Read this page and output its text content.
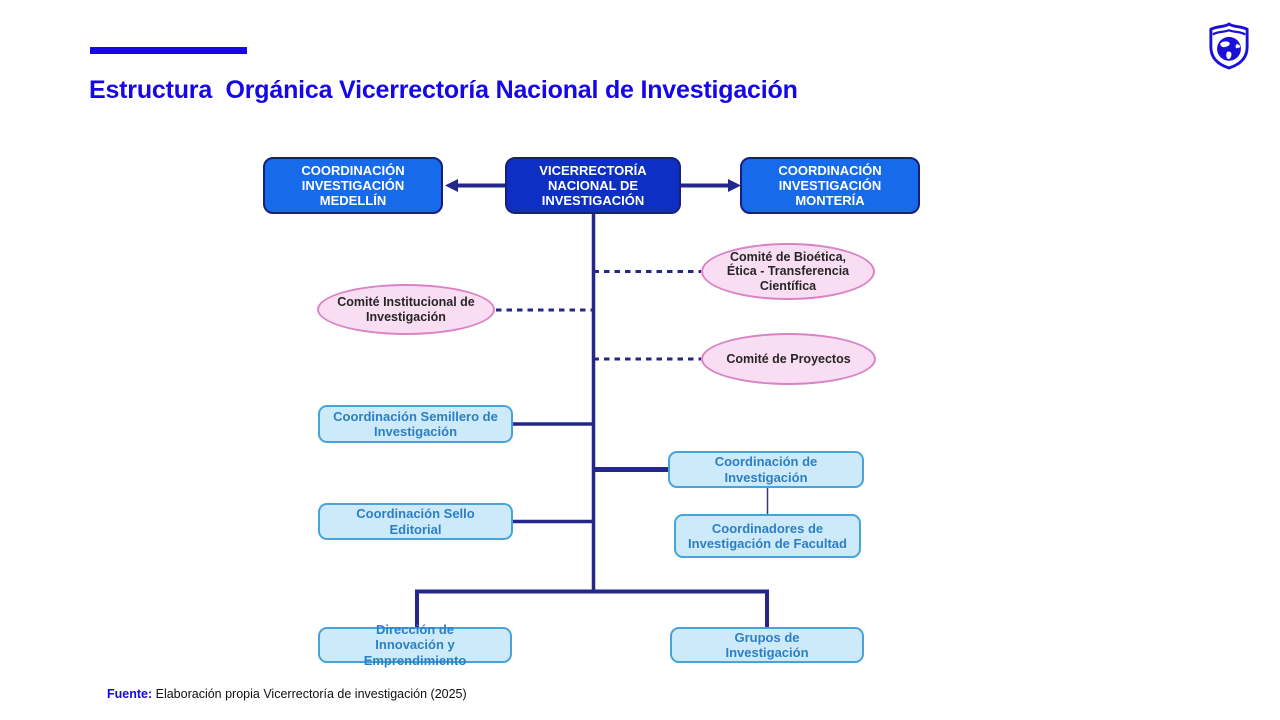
Estructura  Orgánica Vicerrectoría Nacional de Investigación
COORDINACIÓN INVESTIGACIÓN MEDELLÍN
VICERRECTORÍA NACIONAL DE INVESTIGACIÓN
COORDINACIÓN INVESTIGACIÓN MONTERÍA
Comité de Bioética, Ética - Transferencia Científica
Comité Institucional de Investigación
Comité de Proyectos
Coordinación Semillero de Investigación
Coordinación de Investigación
Coordinación Sello Editorial	Coordinadores de Investigación de Facultad
Dirección de Innovación y Emprendimiento
Grupos de Investigación
Fuente: Elaboración propia Vicerrectoría de investigación (2025)
